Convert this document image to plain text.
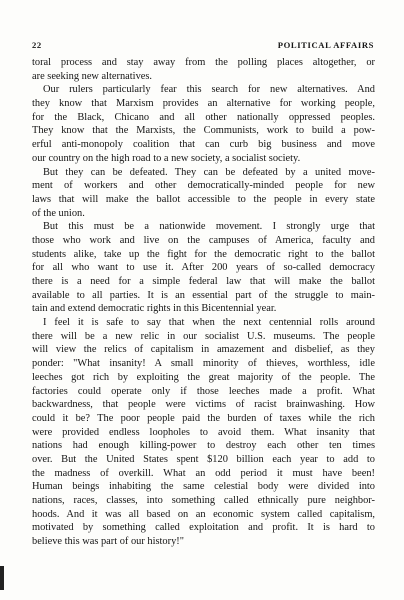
22	POLITICAL AFFAIRS
toral process and stay away from the polling places altogether, or
are seeking new alternatives.
Our rulers particularly fear this search for new alternatives. And
they know that Marxism provides an alternative for working people,
for the Black, Chicano and all other nationally oppressed peoples.
They know that the Marxists, the Communists, work to build a pow-
erful anti-monopoly coalition that can curb big business and move
our country on the high road to a new society, a socialist society.
But they can be defeated. They can be defeated by a united move-
ment of workers and other democratically-minded people for new
laws that will make the ballot accessible to the people in every state
of the union.
But this must be a nationwide movement. I strongly urge that
those who work and live on the campuses of America, faculty and
students alike, take up the fight for the democratic right to the ballot
for all who want to use it. After 200 years of so-called democracy
there is a need for a simple federal law that will make the ballot
available to all parties. It is an essential part of the struggle to main-
tain and extend democratic rights in this Bicentennial year.
I feel it is safe to say that when the next centennial rolls around
there will be a new relic in our socialist U.S. museums. The people
will view the relics of capitalism in amazement and disbelief, as they
ponder: "What insanity! A small minority of thieves, worthless, idle
leeches got rich by exploiting the great majority of the people. The
factories could operate only if those leeches made a profit. What
backwardness, that people were victims of racist brainwashing. How
could it be? The poor people paid the burden of taxes while the rich
were provided endless loopholes to avoid them. What insanity that
nations had enough killing-power to destroy each other ten times
over. But the United States spent $120 billion each year to add to
the madness of overkill. What an odd period it must have been!
Human beings inhabiting the same celestial body were divided into
nations, races, classes, into something called ethnically pure neighbor-
hoods. And it was all based on an economic system called capitalism,
motivated by something called exploitation and profit. It is hard to
believe this was part of our history!"
